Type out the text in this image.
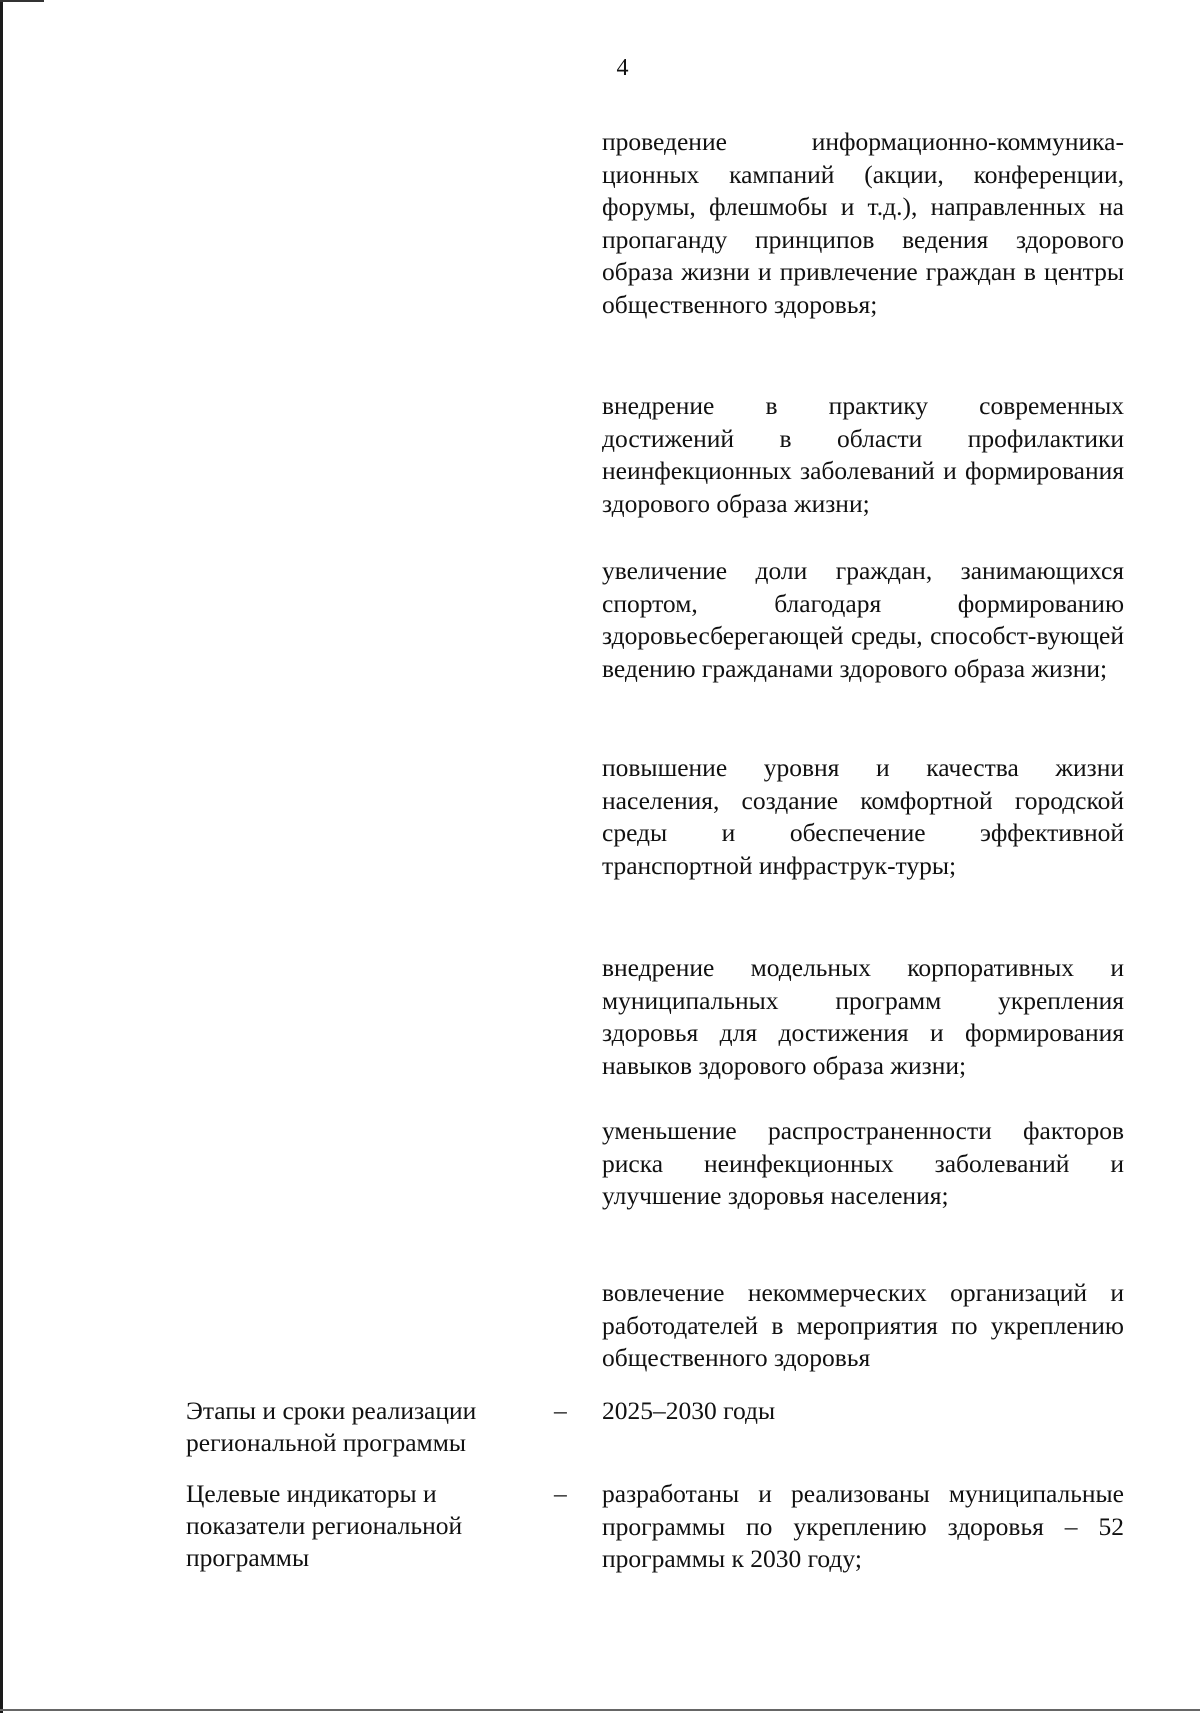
4

проведение информационно-коммуника-ционных кампаний (акции, конференции, форумы, флешмобы и т.д.), направленных на пропаганду принципов ведения здорового образа жизни и привлечение граждан в центры общественного здоровья;

внедрение в практику современных достижений в области профилактики неинфекционных заболеваний и формирования здорового образа жизни;

увеличение доли граждан, занимающихся спортом, благодаря формированию здоровьесберегающей среды, способст-вующей ведению гражданами здорового образа жизни;

повышение уровня и качества жизни населения, создание комфортной городской среды и обеспечение эффективной транспортной инфраструк-туры;

внедрение модельных корпоративных и муниципальных программ укрепления здоровья для достижения и формирования навыков здорового образа жизни;

уменьшение распространенности факторов риска неинфекционных заболеваний и улучшение здоровья населения;

вовлечение некоммерческих организаций и работодателей в мероприятия по укреплению общественного здоровья

Этапы и сроки реализации региональной программы

– 2025–2030 годы

Целевые индикаторы и показатели региональной программы

– разработаны и реализованы муниципальные программы по укреплению здоровья – 52 программы к 2030 году;
